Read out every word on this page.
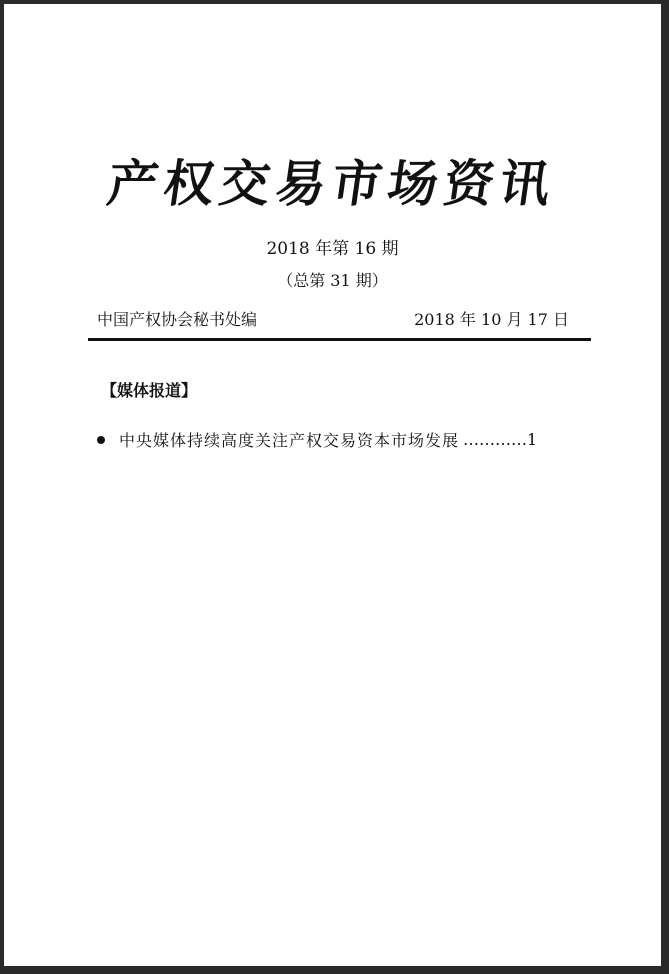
产权交易市场资讯
2018 年第 16 期
（总第 31 期）
中国产权协会秘书处编	2018 年 10 月 17 日
【媒体报道】
中央媒体持续高度关注产权交易资本市场发展 ………… 1
